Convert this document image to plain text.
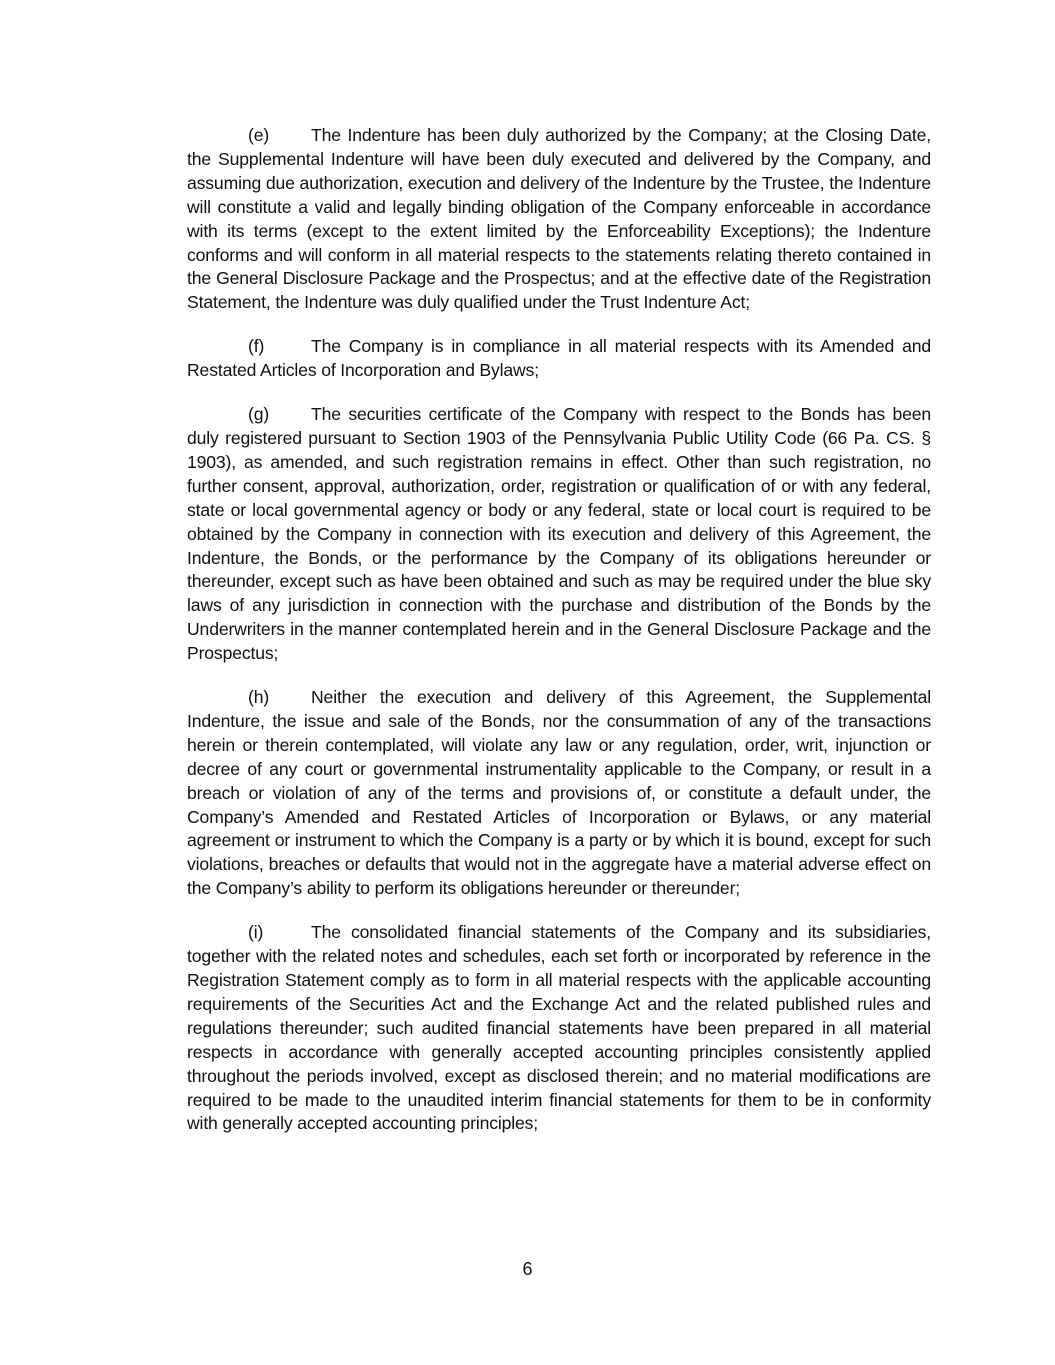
(e) The Indenture has been duly authorized by the Company; at the Closing Date, the Supplemental Indenture will have been duly executed and delivered by the Company, and assuming due authorization, execution and delivery of the Indenture by the Trustee, the Indenture will constitute a valid and legally binding obligation of the Company enforceable in accordance with its terms (except to the extent limited by the Enforceability Exceptions); the Indenture conforms and will conform in all material respects to the statements relating thereto contained in the General Disclosure Package and the Prospectus; and at the effective date of the Registration Statement, the Indenture was duly qualified under the Trust Indenture Act;

(f)	The Company is in compliance in all material respects with its Amended and Restated Articles of Incorporation and Bylaws;

(g) The securities certificate of the Company with respect to the Bonds has been duly registered pursuant to Section 1903 of the Pennsylvania Public Utility Code (66 Pa. CS. § 1903), as amended, and such registration remains in effect. Other than such registration, no further consent, approval, authorization, order, registration or qualification of or with any federal, state or local governmental agency or body or any federal, state or local court is required to be obtained by the Company in connection with its execution and delivery of this Agreement, the Indenture, the Bonds, or the performance by the Company of its obligations hereunder or thereunder, except such as have been obtained and such as may be required under the blue sky laws of any jurisdiction in connection with the purchase and distribution of the Bonds by the Underwriters in the manner contemplated herein and in the General Disclosure Package and the Prospectus;

(h) Neither the execution and delivery of this Agreement, the Supplemental Indenture, the issue and sale of the Bonds, nor the consummation of any of the transactions herein or therein contemplated, will violate any law or any regulation, order, writ, injunction or decree of any court or governmental instrumentality applicable to the Company, or result in a breach or violation of any of the terms and provisions of, or constitute a default under, the Company’s Amended and Restated Articles of Incorporation or Bylaws, or any material agreement or instrument to which the Company is a party or by which it is bound, except for such violations, breaches or defaults that would not in the aggregate have a material adverse effect on the Company’s ability to perform its obligations hereunder or thereunder;

(i)	The consolidated financial statements of the Company and its subsidiaries, together with the related notes and schedules, each set forth or incorporated by reference in the Registration Statement comply as to form in all material respects with the applicable accounting requirements of the Securities Act and the Exchange Act and the related published rules and regulations thereunder; such audited financial statements have been prepared in all material respects in accordance with generally accepted accounting principles consistently applied throughout the periods involved, except as disclosed therein; and no material modifications are required to be made to the unaudited interim financial statements for them to be in conformity with generally accepted accounting principles;

6
